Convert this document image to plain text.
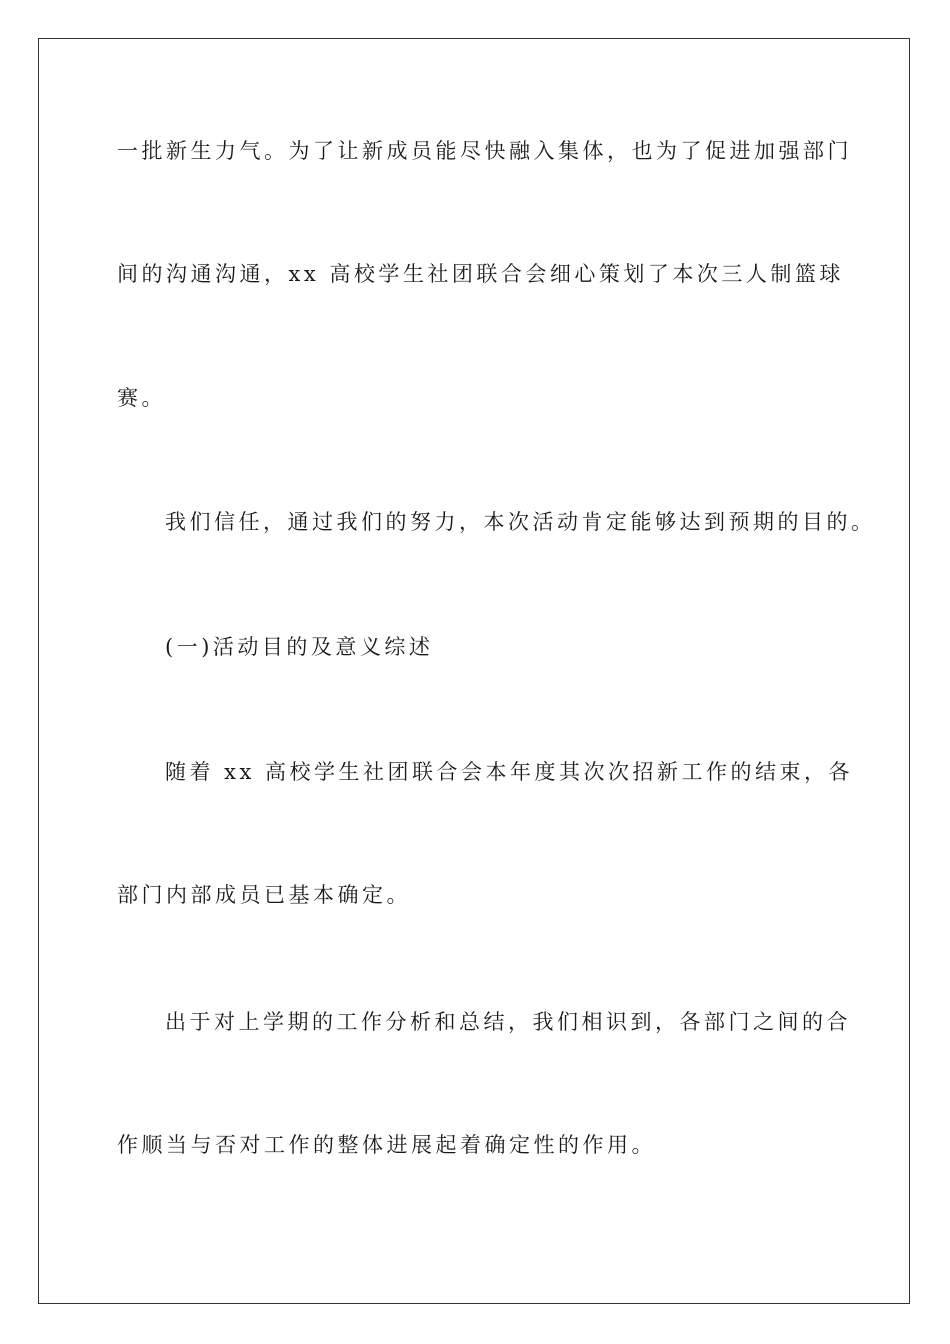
一批新生力气。为了让新成员能尽快融入集体，也为了促进加强部门
间的沟通沟通，xx 高校学生社团联合会细心策划了本次三人制篮球
赛。
我们信任，通过我们的努力，本次活动肯定能够达到预期的目的。
(一)活动目的及意义综述
随着 xx 高校学生社团联合会本年度其次次招新工作的结束，各
部门内部成员已基本确定。
出于对上学期的工作分析和总结，我们相识到，各部门之间的合
作顺当与否对工作的整体进展起着确定性的作用。
